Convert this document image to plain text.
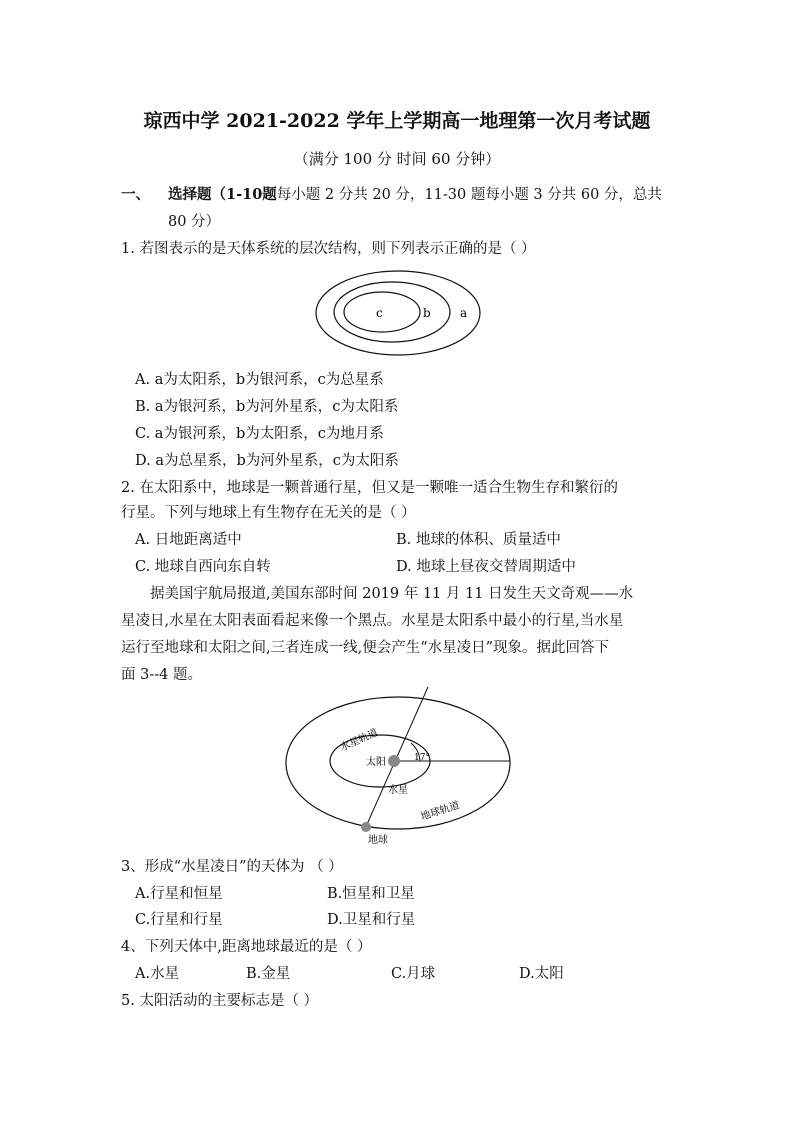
琼西中学 2021-2022 学年上学期高一地理第一次月考试题
（满分 100 分 时间 60 分钟）
一、 选择题（1-10题每小题 2 分共 20 分，11-30 题每小题 3 分共 60 分，总共
80 分）
1. 若图表示的是天体系统的层次结构，则下列表示正确的是（ ）
c	b a
A. a为太阳系，b为银河系，c为总星系
B. a为银河系，b为河外星系，c为太阳系
C. a为银河系，b为太阳系，c为地月系
D. a为总星系，b为河外星系，c为太阳系
2. 在太阳系中，地球是一颗普通行星，但又是一颗唯一适合生物生存和繁衍的
行星。下列与地球上有生物存在无关的是（ ）
A. 日地距离适中	B. 地球的体积、质量适中
C. 地球自西向东自转	D. 地球上昼夜交替周期适中
据美国宇航局报道,美国东部时间 2019 年 11 月 11 日发生天文奇观——水
星凌日,水星在太阳表面看起来像一个黑点。水星是太阳系中最小的行星,当水星
运行至地球和太阳之间,三者连成一线,便会产生“水星凌日”现象。据此回答下
面 3--4 题。
水星轨道
太阳	17°
水星
地球轨道
地球
3、形成“水星凌日”的天体为 （ ）
A.行星和恒星	B.恒星和卫星
C.行星和行星	D.卫星和行星
4、下列天体中,距离地球最近的是（ ）
A.水星	B.金星	C.月球	D.太阳
5. 太阳活动的主要标志是（ ）
